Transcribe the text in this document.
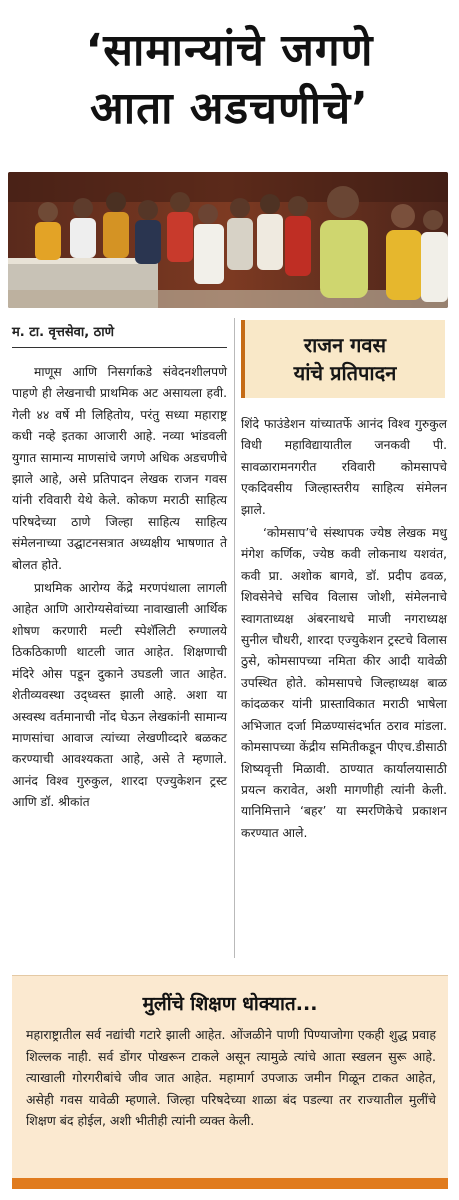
‘सामान्यांचे जगणे
आता अडचणीचे’
म. टा. वृत्तसेवा, ठाणे
राजन गवस
यांचे प्रतिपादन

माणूस आणि निसर्गाकडे संवेदनशीलपणे पाहणे ही लेखनाची प्राथमिक अट असायला हवी. गेली ४४ वर्षे मी लिहितोय, परंतु सध्या महाराष्ट्र कधी नव्हे इतका आजारी आहे. नव्या भांडवली युगात सामान्य माणसांचे जगणे अधिक अडचणीचे झाले आहे, असे प्रतिपादन लेखक राजन गवस यांनी रविवारी येथे केले. कोकण मराठी साहित्य परिषदेच्या ठाणे जिल्हा साहित्य साहित्य संमेलनाच्या उद्घाटनसत्रात अध्यक्षीय भाषणात ते बोलत होते.

प्राथमिक आरोग्य केंद्रे मरणपंथाला लागली आहेत आणि आरोग्यसेवांच्या नावाखाली आर्थिक शोषण करणारी मल्टी स्पेशॅलिटी रुग्णालये ठिकठिकाणी थाटली जात आहेत. शिक्षणाची मंदिरे ओस पडून दुकाने उघडली जात आहेत. शेतीव्यवस्था उद्ध्वस्त झाली आहे. अशा या अस्वस्थ वर्तमानाची नोंद घेऊन लेखकांनी सामान्य माणसांचा आवाज त्यांच्या लेखणीव्दारे बळकट करण्याची आवश्यकता आहे, असे ते म्हणाले. आनंद विश्व गुरुकुल, शारदा एज्युकेशन ट्रस्ट आणि डॉ. श्रीकांत

शिंदे फाउंडेशन यांच्यातर्फे आनंद विश्व गुरुकुल विधी महाविद्यायातील जनकवी पी. सावळारामनगरीत रविवारी कोमसापचे एकदिवसीय जिल्हास्तरीय साहित्य संमेलन झाले.

‘कोमसाप’चे संस्थापक ज्येष्ठ लेखक मधु मंगेश कर्णिक, ज्येष्ठ कवी लोकनाथ यशवंत, कवी प्रा. अशोक बागवे, डॉ. प्रदीप ढवळ, शिवसेनेचे सचिव विलास जोशी, संमेलनाचे स्वागताध्यक्ष अंबरनाथचे माजी नगराध्यक्ष सुनील चौधरी, शारदा एज्युकेशन ट्रस्टचे विलास ठुसे, कोमसापच्या नमिता कीर आदी यावेळी उपस्थित होते. कोमसापचे जिल्हाध्यक्ष बाळ कांदळकर यांनी प्रास्ताविकात मराठी भाषेला अभिजात दर्जा मिळण्यासंदर्भात ठराव मांडला. कोमसापच्या केंद्रीय समितीकडून पीएच.डीसाठी शिष्यवृत्ती मिळावी. ठाण्यात कार्यालयासाठी प्रयत्न करावेत, अशी मागणीही त्यांनी केली. यानिमित्ताने ‘बहर’ या स्मरणिकेचे प्रकाशन करण्यात आले.

मुलींचे शिक्षण धोक्यात...
महाराष्ट्रातील सर्व नद्यांची गटारे झाली आहेत. ओंजळीने पाणी पिण्याजोगा एकही शुद्ध प्रवाह शिल्लक नाही. सर्व डोंगर पोखरून टाकले असून त्यामुळे त्यांचे आता स्खलन सुरू आहे. त्याखाली गोरगरीबांचे जीव जात आहेत. महामार्ग उपजाऊ जमीन गिळून टाकत आहेत, असेही गवस यावेळी म्हणाले. जिल्हा परिषदेच्या शाळा बंद पडल्या तर राज्यातील मुलींचे शिक्षण बंद होईल, अशी भीतीही त्यांनी व्यक्त केली.
